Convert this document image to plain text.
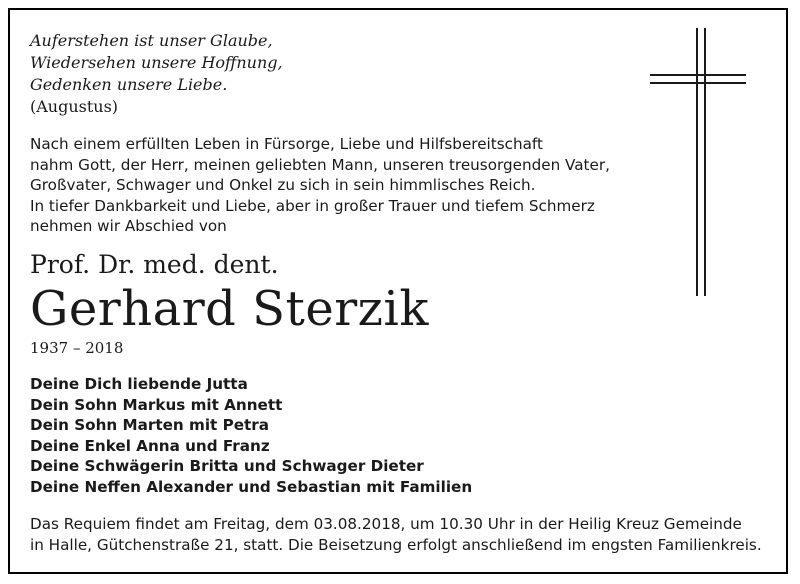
Auferstehen ist unser Glaube,
Wiedersehen unsere Hoffnung,
Gedenken unsere Liebe.
(Augustus)
Nach einem erfüllten Leben in Fürsorge, Liebe und Hilfsbereitschaft
nahm Gott, der Herr, meinen geliebten Mann, unseren treusorgenden Vater,
Großvater, Schwager und Onkel zu sich in sein himmlisches Reich.
In tiefer Dankbarkeit und Liebe, aber in großer Trauer und tiefem Schmerz
nehmen wir Abschied von
Prof. Dr. med. dent.
Gerhard Sterzik
1937 – 2018
Deine Dich liebende Jutta
Dein Sohn Markus mit Annett
Dein Sohn Marten mit Petra
Deine Enkel Anna und Franz
Deine Schwägerin Britta und Schwager Dieter
Deine Neffen Alexander und Sebastian mit Familien
Das Requiem findet am Freitag, dem 03.08.2018, um 10.30 Uhr in der Heilig Kreuz Gemeinde
in Halle, Gütchenstraße 21, statt. Die Beisetzung erfolgt anschließend im engsten Familienkreis.
